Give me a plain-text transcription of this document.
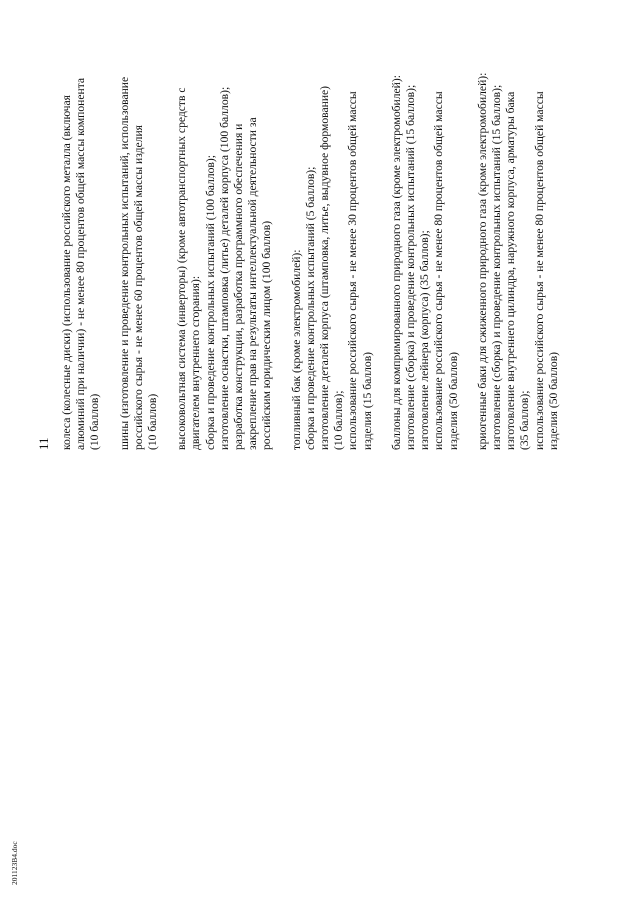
11 колеса (колесные диски) (использование российского металла (включая алюминий при наличии) - не менее 80 процентов общей массы компонента (10 баллов) шины (изготовление и проведение контрольных испытаний, использование российского сырья - не менее 60 процентов общей массы изделия (10 баллов) высоковольтная система (инверторы) (кроме автотранспортных средств с двигателем внутреннего сгорания): сборка и проведение контрольных испытаний (100 баллов); изготовление оснастки, штамповка (литье) деталей корпуса (100 баллов); разработка конструкции, разработка программного обеспечения и закрепление прав на результаты интеллектуальной деятельности за российским юридическим лицом (100 баллов) топливный бак (кроме электромобилей): сборка и проведение контрольных испытаний (5 баллов); изготовление деталей корпуса (штамповка, литье, выдувное формование) (10 баллов); использование российского сырья - не менее 30 процентов общей массы изделия (15 баллов) баллоны для компримированного природного газа (кроме электромобилей): изготовление (сборка) и проведение контрольных испытаний (15 баллов); изготовление лейнера (корпуса) (35 баллов); использование российского сырья - не менее 80 процентов общей массы изделия (50 баллов) криогенные баки для сжиженного природного газа (кроме электромобилей): изготовление (сборка) и проведение контрольных испытаний (15 баллов); изготовление внутреннего цилиндра, наружного корпуса, арматуры бака (35 баллов); использование российского сырья - не менее 80 процентов общей массы изделия (50 баллов)
201123B4.doc
